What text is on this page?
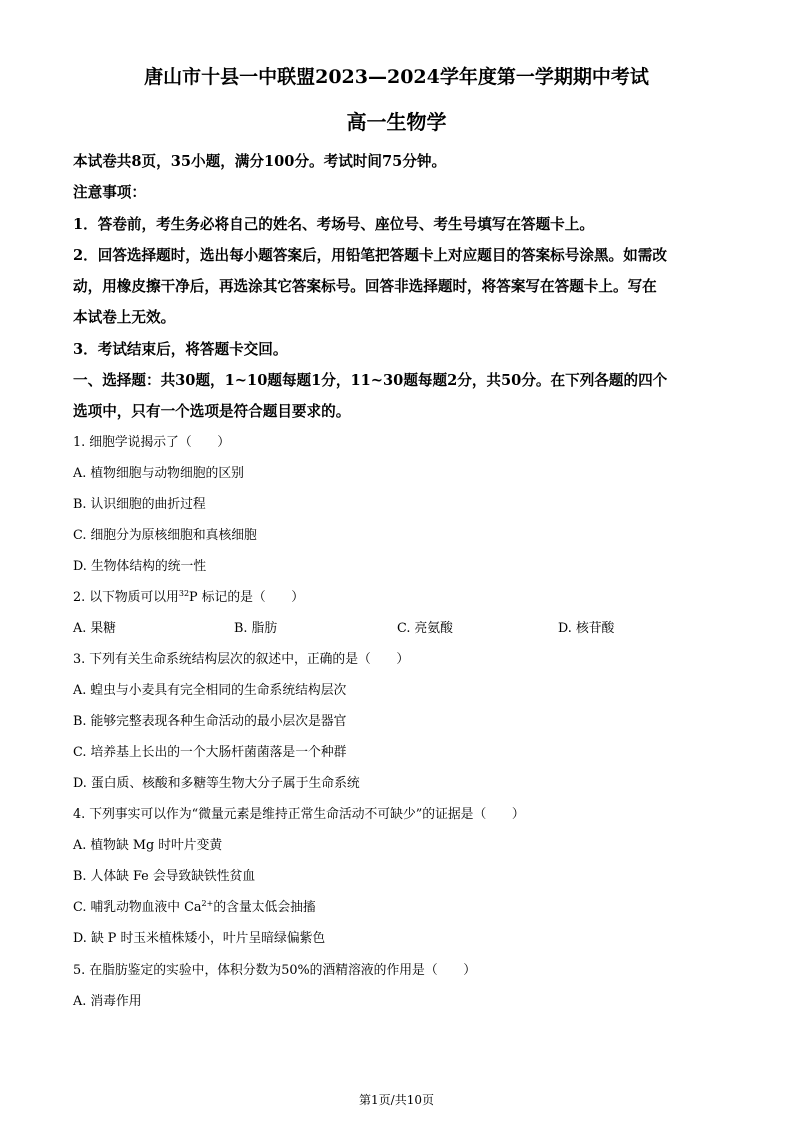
唐山市十县一中联盟2023—2024学年度第一学期期中考试
高一生物学
本试卷共8页，35小题，满分100分。考试时间75分钟。
注意事项：
1．答卷前，考生务必将自己的姓名、考场号、座位号、考生号填写在答题卡上。
2．回答选择题时，选出每小题答案后，用铅笔把答题卡上对应题目的答案标号涂黑。如需改
动，用橡皮擦干净后，再选涂其它答案标号。回答非选择题时，将答案写在答题卡上。写在
本试卷上无效。
3．考试结束后，将答题卡交回。
一、选择题：共30题，1~10题每题1分，11~30题每题2分，共50分。在下列各题的四个
选项中，只有一个选项是符合题目要求的。
1. 细胞学说揭示了（　　）
A. 植物细胞与动物细胞的区别
B. 认识细胞的曲折过程
C. 细胞分为原核细胞和真核细胞
D. 生物体结构的统一性
2. 以下物质可以用$^{32}$P 标记的是（　　）
A. 果糖	B. 脂肪	C. 亮氨酸	D. 核苷酸
3. 下列有关生命系统结构层次的叙述中，正确的是（　　）
A. 蝗虫与小麦具有完全相同的生命系统结构层次
B. 能够完整表现各种生命活动的最小层次是器官
C. 培养基上长出的一个大肠杆菌菌落是一个种群
D. 蛋白质、核酸和多糖等生物大分子属于生命系统
4. 下列事实可以作为“微量元素是维持正常生命活动不可缺少”的证据是（　　）
A. 植物缺 Mg 时叶片变黄
B. 人体缺 Fe 会导致缺铁性贫血
C. 哺乳动物血液中 $Ca^{2+}$的含量太低会抽搐
D. 缺 P 时玉米植株矮小，叶片呈暗绿偏紫色
5. 在脂肪鉴定的实验中，体积分数为50%的酒精溶液的作用是（　　）
A. 消毒作用
第1页/共10页
